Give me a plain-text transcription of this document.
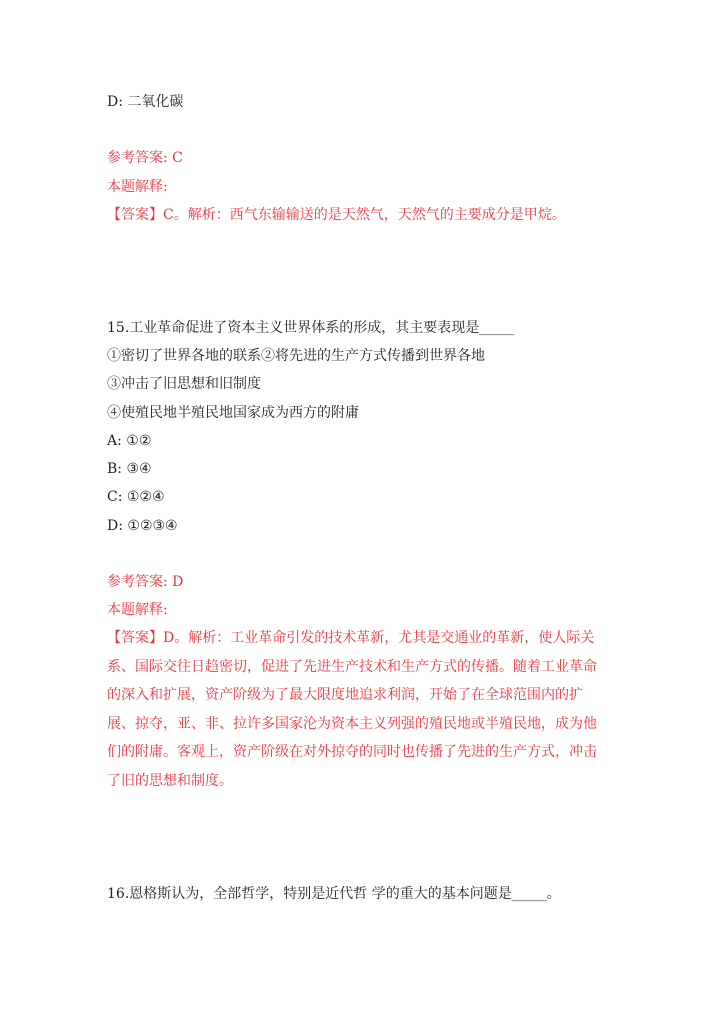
D: 二氧化碳
参考答案: C
本题解释:
【答案】C。解析：西气东输输送的是天然气，天然气的主要成分是甲烷。
15.工业革命促进了资本主义世界体系的形成，其主要表现是_____
①密切了世界各地的联系②将先进的生产方式传播到世界各地
③冲击了旧思想和旧制度
④使殖民地半殖民地国家成为西方的附庸
A: ①②
B: ③④
C: ①②④
D: ①②③④
参考答案: D
本题解释:
【答案】D。解析：工业革命引发的技术革新，尤其是交通业的革新，使人际关系、国际交往日趋密切，促进了先进生产技术和生产方式的传播。随着工业革命的深入和扩展，资产阶级为了最大限度地追求利润，开始了在全球范围内的扩展、掠夺，亚、非、拉许多国家沦为资本主义列强的殖民地或半殖民地，成为他们的附庸。客观上，资产阶级在对外掠夺的同时也传播了先进的生产方式，冲击了旧的思想和制度。
16.恩格斯认为，全部哲学，特别是近代哲 学的重大的基本问题是_____。
